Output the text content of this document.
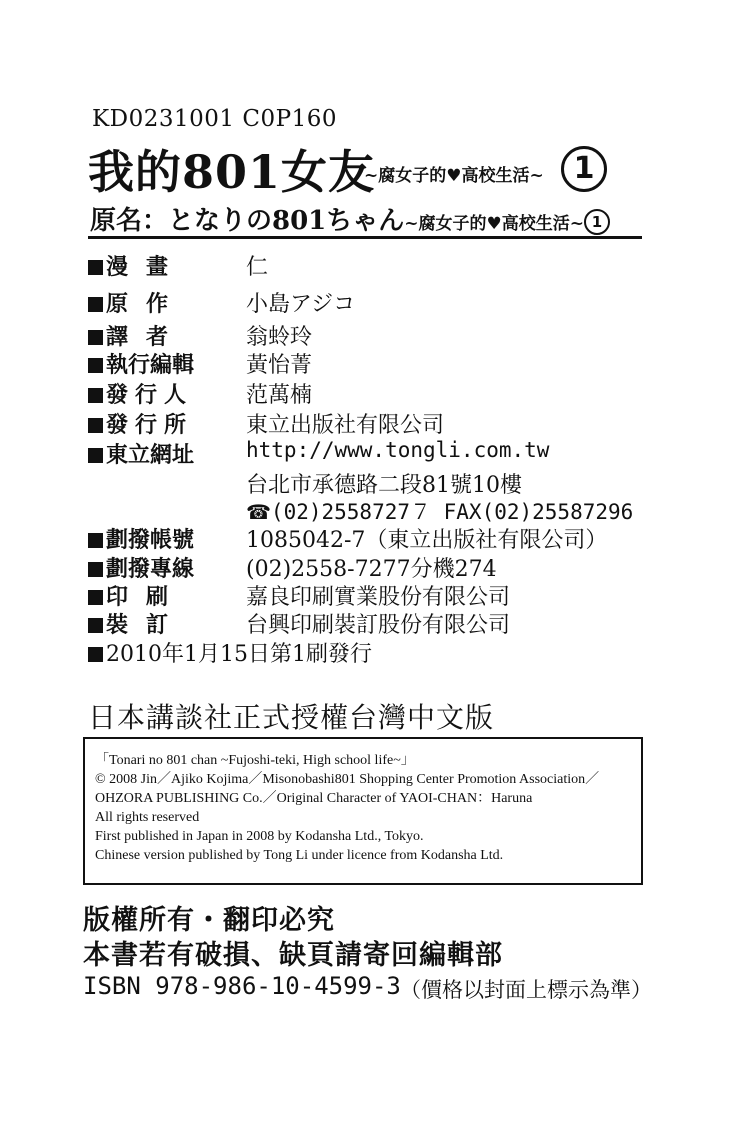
KD0231001 C0P160
我的801女友
~腐女子的♥高校生活~ 1
原名：となりの801ちゃん~腐女子的♥高校生活~ 1
漫畫	仁
原作	小島アジコ
譯者	翁蛉玲
執行編輯	黃怡菁
發行人	范萬楠
發行所	東立出版社有限公司
東立網址	http://www.tongli.com.tw
台北市承德路二段81號10樓
☎(02)2558727７ FAX(02)25587296
劃撥帳號	1085042-7（東立出版社有限公司）
劃撥專線	(02)2558-7277分機274
印刷	嘉良印刷實業股份有限公司
裝訂	台興印刷裝訂股份有限公司
2010年1月15日第1刷發行
日本講談社正式授權台灣中文版
「Tonari no 801 chan ~Fujoshi-teki, High school life~」
© 2008 Jin／Ajiko Kojima／Misonobashi801 Shopping Center Promotion Association／
OHZORA PUBLISHING Co.／Original Character of YAOI-CHAN：Haruna
All rights reserved
First published in Japan in 2008 by Kodansha Ltd., Tokyo.
Chinese version published by Tong Li under licence from Kodansha Ltd.
版權所有・翻印必究
本書若有破損、缺頁請寄回編輯部
ISBN 978-986-10-4599-3 （價格以封面上標示為準）
